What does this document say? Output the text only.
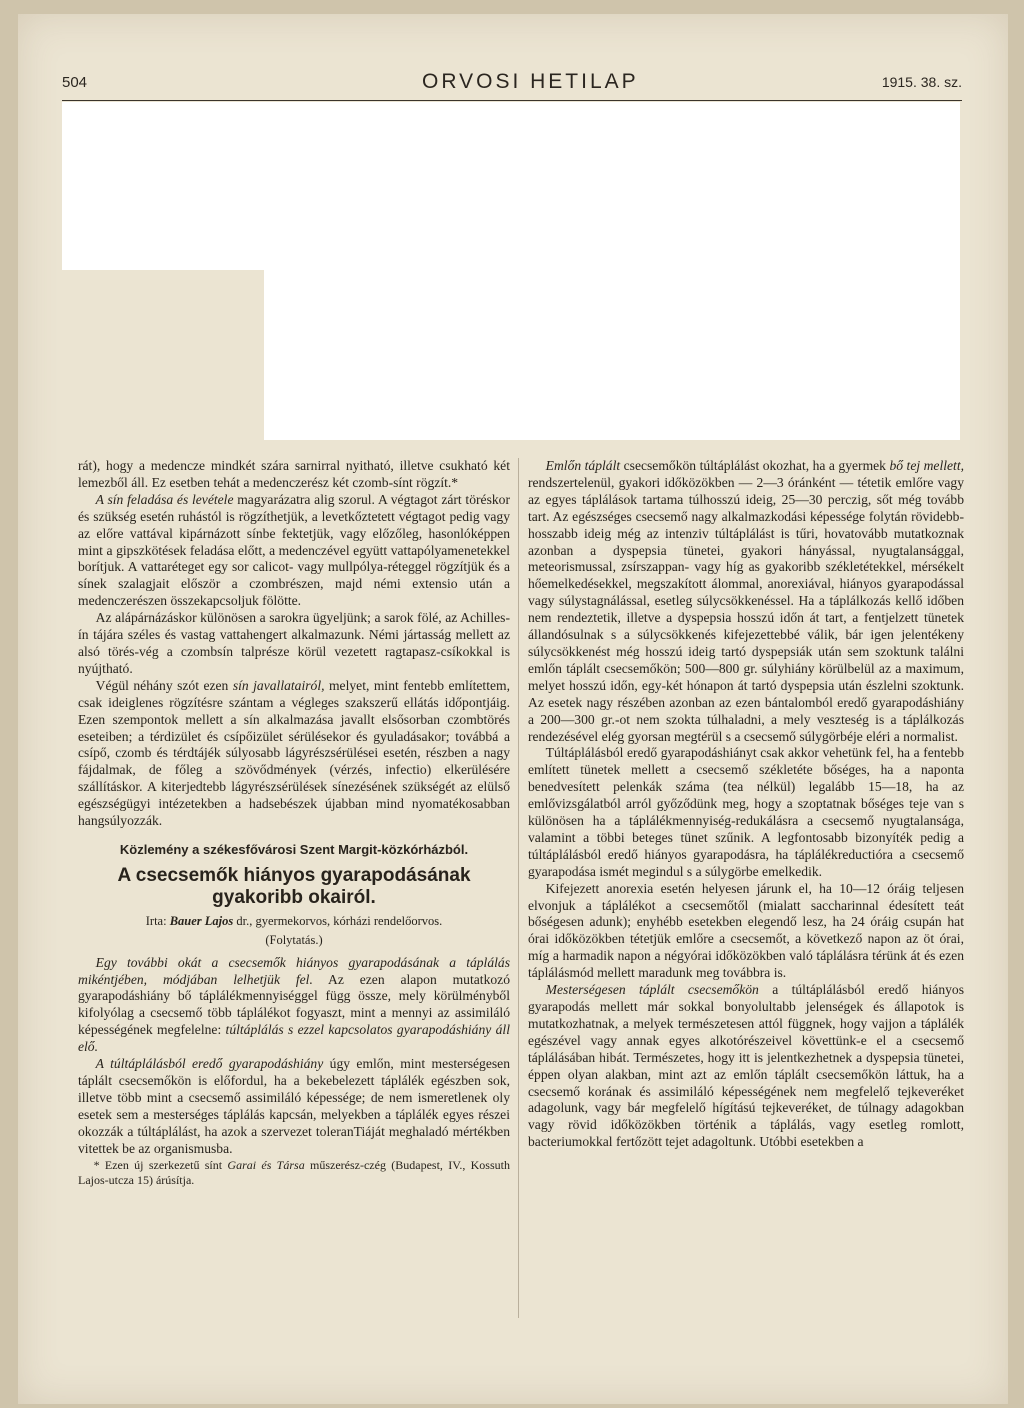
504	ORVOSI HETILAP	1915. 38. sz.

rát), hogy a medencze mindkét szára sarnirral nyitható, illetve csukható két lemezből áll. Ez esetben tehát a medenczerész két czomb-sínt rögzít.*

A sín feladása és levétele magyarázatra alig szorul. A végtagot zárt töréskor és szükség esetén ruhástól is rögzíthetjük, a levetkőztetett végtagot pedig vagy az előre vattával kipárnázott sínbe fektetjük, vagy előzőleg, hasonlóképpen mint a gipszkötések feladása előtt, a medenczével együtt vattapólyamenetekkel borítjuk. A vattaréteget egy sor calicot- vagy mullpólya-réteggel rögzítjük és a sínek szalagjait először a czombrészen, majd némi extensio után a medenczerészen összekapcsoljuk fölötte.

Az alápárnázáskor különösen a sarokra ügyeljünk; a sarok fölé, az Achilles-ín tájára széles és vastag vattahengert alkalmazunk. Némi jártasság mellett az alsó törés-vég a czombsín talprésze körül vezetett ragtapasz-csíkokkal is nyújtható.

Végül néhány szót ezen sín javallatairól, melyet, mint fentebb említettem, csak ideiglenes rögzítésre szántam a végleges szakszerű ellátás időpontjáig. Ezen szempontok mellett a sín alkalmazása javallt elsősorban czombtörés eseteiben; a térdizület és csípőizület sérülésekor és gyuladásakor; továbbá a csípő, czomb és térdtájék súlyosabb lágyrészsérülései esetén, részben a nagy fájdalmak, de főleg a szövődmények (vérzés, infectio) elkerülésére szállításkor. A kiterjedtebb lágyrészsérülések sínezésének szükségét az elülső egészségügyi intézetekben a hadsebészek újabban mind nyomatékosabban hangsúlyozzák.

Közlemény a székesfővárosi Szent Margit-közkórházból.
A csecsemők hiányos gyarapodásának gyakoribb okairól.
Irta: Bauer Lajos dr., gyermekorvos, kórházi rendelőorvos.
(Folytatás.)

Egy további okát a csecsemők hiányos gyarapodásának a táplálás mikéntjében, módjában lelhetjük fel. Az ezen alapon mutatkozó gyarapodáshiány bő táplálékmennyiséggel függ össze, mely körülményből kifolyólag a csecsemő több táplálékot fogyaszt, mint a mennyi az assimiláló képességének megfelelne: túltáplálás s ezzel kapcsolatos gyarapodáshiány áll elő.

A túltáplálásból eredő gyarapodáshiány úgy emlőn, mint mesterségesen táplált csecsemőkön is előfordul, ha a bekebelezett táplálék egészben sok, illetve több mint a csecsemő assimiláló képessége; de nem ismeretlenek oly esetek sem a mesterséges táplálás kapcsán, melyekben a táplálék egyes részei okozzák a túltáplálást, ha azok a szervezet toleranTiáját meghaladó mértékben vitettek be az organismusba.

* Ezen új szerkezetű sínt Garai és Társa műszerész-czég (Budapest, IV., Kossuth Lajos-utcza 15) árúsítja.

Emlőn táplált csecsemőkön túltáplálást okozhat, ha a gyermek bő tej mellett, rendszertelenül, gyakori időközökben — 2—3 óránként — tétetik emlőre vagy az egyes táplálások tartama túlhosszú ideig, 25—30 perczig, sőt még tovább tart. Az egészséges csecsemő nagy alkalmazkodási képessége folytán rövidebb-hosszabb ideig még az intenziv túltáplálást is tűri, hovatovább mutatkoznak azonban a dyspepsia tünetei, gyakori hányással, nyugtalansággal, meteorismussal, zsírszappan- vagy híg as gyakoribb székletétekkel, mérsékelt hőemelkedésekkel, megszakított álommal, anorexiával, hiányos gyarapodással vagy súlystagnálással, esetleg súlycsökkenéssel. Ha a táplálkozás kellő időben nem rendeztetik, illetve a dyspepsia hosszú időn át tart, a fentjelzett tünetek állandósulnak s a súlycsökkenés kifejezettebbé válik, bár igen jelentékeny súlycsökkenést még hosszú ideig tartó dyspepsiák után sem szoktunk találni emlőn táplált csecsemőkön; 500—800 gr. súlyhiány körülbelül az a maximum, melyet hosszú időn, egy-két hónapon át tartó dyspepsia után észlelni szoktunk. Az esetek nagy részében azonban az ezen bántalomból eredő gyarapodáshiány a 200—300 gr.-ot nem szokta túlhaladni, a mely veszteség is a táplálkozás rendezésével elég gyorsan megtérül s a csecsemő súlygörbéje eléri a normalist.

Túltáplálásból eredő gyarapodáshiányt csak akkor vehetünk fel, ha a fentebb említett tünetek mellett a csecsemő székletéte bőséges, ha a naponta benedvesített pelenkák száma (tea nélkül) legalább 15—18, ha az emlővizsgálatból arról győződünk meg, hogy a szoptatnak bőséges teje van s különösen ha a táplálékmennyiség-redukálásra a csecsemő nyugtalansága, valamint a többi beteges tünet szűnik. A legfontosabb bizonyíték pedig a túltáplálásból eredő hiányos gyarapodásra, ha táplálékreductióra a csecsemő gyarapodása ismét megindul s a súlygörbe emelkedik.

Kifejezett anorexia esetén helyesen járunk el, ha 10—12 óráig teljesen elvonjuk a táplálékot a csecsemőtől (mialatt saccharinnal édesített teát bőségesen adunk); enyhébb esetekben elegendő lesz, ha 24 óráig csupán hat órai időközökben tétetjük emlőre a csecsemőt, a következő napon az öt órai, míg a harmadik napon a négyórai időközökben való táplálásra térünk át és ezen táplálásmód mellett maradunk meg továbbra is.

Mesterségesen táplált csecsemőkön a túltáplálásból eredő hiányos gyarapodás mellett már sokkal bonyolultabb jelenségek és állapotok is mutatkozhatnak, a melyek természetesen attól függnek, hogy vajjon a táplálék egészével vagy annak egyes alkotórészeivel követtünk-e el a csecsemő táplálásában hibát. Természetes, hogy itt is jelentkezhetnek a dyspepsia tünetei, éppen olyan alakban, mint azt az emlőn táplált csecsemőkön láttuk, ha a csecsemő korának és assimiláló képességének nem megfelelő tejkeveréket adagolunk, vagy bár megfelelő hígítású tejkeveréket, de túlnagy adagokban vagy rövid időközökben történik a táplálás, vagy esetleg romlott, bacteriumokkal fertőzött tejet adagoltunk. Utóbbi esetekben a
